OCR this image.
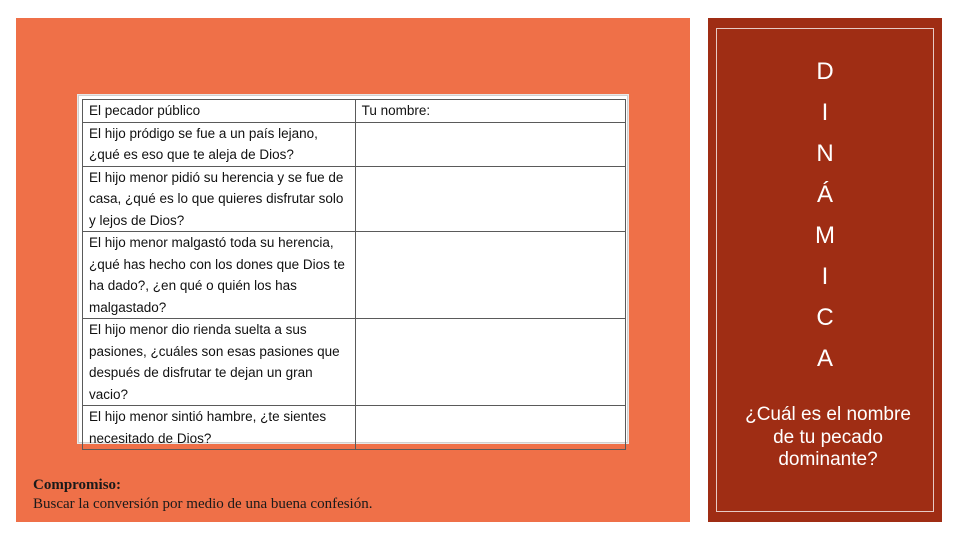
El pecador público	Tu nombre:
El hijo pródigo se fue a un país lejano, ¿qué es eso que te aleja de Dios?	
El hijo menor pidió su herencia y se fue de casa, ¿qué es lo que quieres disfrutar solo y lejos de Dios?	
El hijo menor malgastó toda su herencia, ¿qué has hecho con los dones que Dios te ha dado?, ¿en qué o quién los has malgastado?	
El hijo menor dio rienda suelta a sus pasiones, ¿cuáles son esas pasiones que después de disfrutar te dejan un gran vacio?	
El hijo menor sintió hambre, ¿te sientes necesitado de Dios?	
Compromiso:
Buscar la conversión por medio de una buena confesión.
D
I
N
Á
M
I
C
A
¿Cuál es el nombre de tu pecado dominante?
